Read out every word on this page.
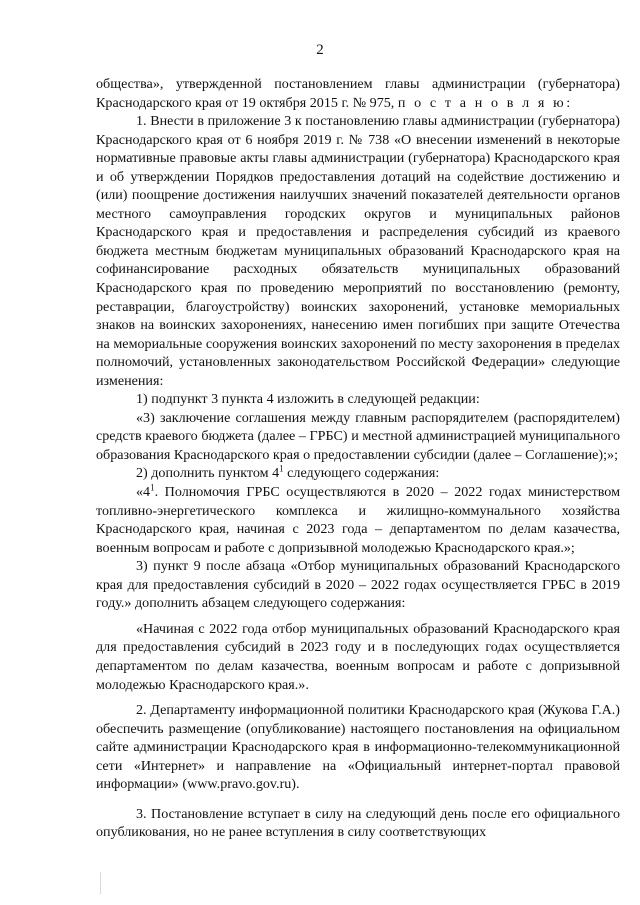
2

общества», утвержденной постановлением главы администрации (губернатора) Краснодарского края от 19 октября 2015 г. № 975, п о с т а н о в л я ю:

1. Внести в приложение 3 к постановлению главы администрации (губернатора) Краснодарского края от 6 ноября 2019 г. № 738 «О внесении изменений в некоторые нормативные правовые акты главы администрации (губернатора) Краснодарского края и об утверждении Порядков предоставления дотаций на содействие достижению и (или) поощрение достижения наилучших значений показателей деятельности органов местного самоуправления городских округов и муниципальных районов Краснодарского края и предоставления и распределения субсидий из краевого бюджета местным бюджетам муниципальных образований Краснодарского края на софинансирование расходных обязательств муниципальных образований Краснодарского края по проведению мероприятий по восстановлению (ремонту, реставрации, благоустройству) воинских захоронений, установке мемориальных знаков на воинских захоронениях, нанесению имен погибших при защите Отечества на мемориальные сооружения воинских захоронений по месту захоронения в пределах полномочий, установленных законодательством Российской Федерации» следующие изменения:

1) подпункт 3 пункта 4 изложить в следующей редакции:

«3) заключение соглашения между главным распорядителем (распорядителем) средств краевого бюджета (далее – ГРБС) и местной администрацией муниципального образования Краснодарского края о предоставлении субсидии (далее – Соглашение);»;

2) дополнить пунктом $4^1$ следующего содержания:

«$4^1$. Полномочия ГРБС осуществляются в 2020 – 2022 годах министерством топливно-энергетического комплекса и жилищно-коммунального хозяйства Краснодарского края, начиная с 2023 года – департаментом по делам казачества, военным вопросам и работе с допризывной молодежью Краснодарского края.»;

3) пункт 9 после абзаца «Отбор муниципальных образований Краснодарского края для предоставления субсидий в 2020 – 2022 годах осуществляется ГРБС в 2019 году.» дополнить абзацем следующего содержания:

«Начиная с 2022 года отбор муниципальных образований Краснодарского края для предоставления субсидий в 2023 году и в последующих годах осуществляется департаментом по делам казачества, военным вопросам и работе с допризывной молодежью Краснодарского края.».

2. Департаменту информационной политики Краснодарского края (Жукова Г.А.) обеспечить размещение (опубликование) настоящего постановления на официальном сайте администрации Краснодарского края в информационно-телекоммуникационной сети «Интернет» и направление на «Официальный интернет-портал правовой информации» (www.pravo.gov.ru).

3. Постановление вступает в силу на следующий день после его официального опубликования, но не ранее вступления в силу соответствующих
